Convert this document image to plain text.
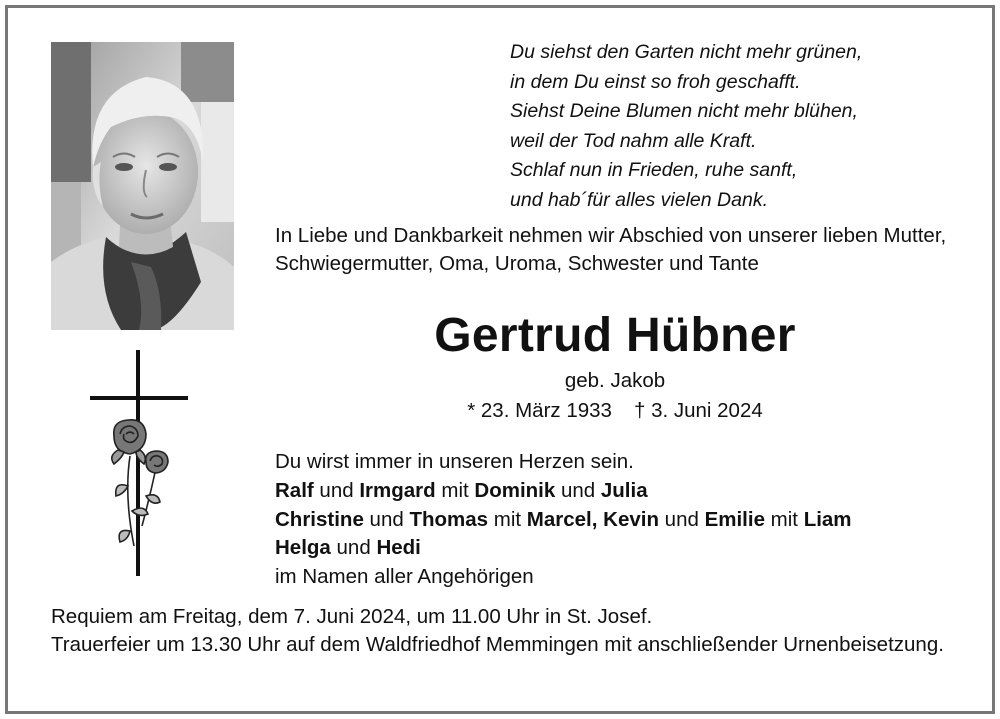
Du siehst den Garten nicht mehr grünen,
in dem Du einst so froh geschafft.
Siehst Deine Blumen nicht mehr blühen,
weil der Tod nahm alle Kraft.
Schlaf nun in Frieden, ruhe sanft,
und hab´für alles vielen Dank.

In Liebe und Dankbarkeit nehmen wir Abschied von unserer lieben Mutter, Schwiegermutter, Oma, Uroma, Schwester und Tante

Gertrud Hübner

geb. Jakob

* 23. März 1933 † 3. Juni 2024

Du wirst immer in unseren Herzen sein.

Ralf und Irmgard mit Dominik und Julia
Christine und Thomas mit Marcel, Kevin und Emilie mit Liam
Helga und Hedi
im Namen aller Angehörigen

Requiem am Freitag, dem 7. Juni 2024, um 11.00 Uhr in St. Josef.
Trauerfeier um 13.30 Uhr auf dem Waldfriedhof Memmingen mit anschließender Urnenbeisetzung.
